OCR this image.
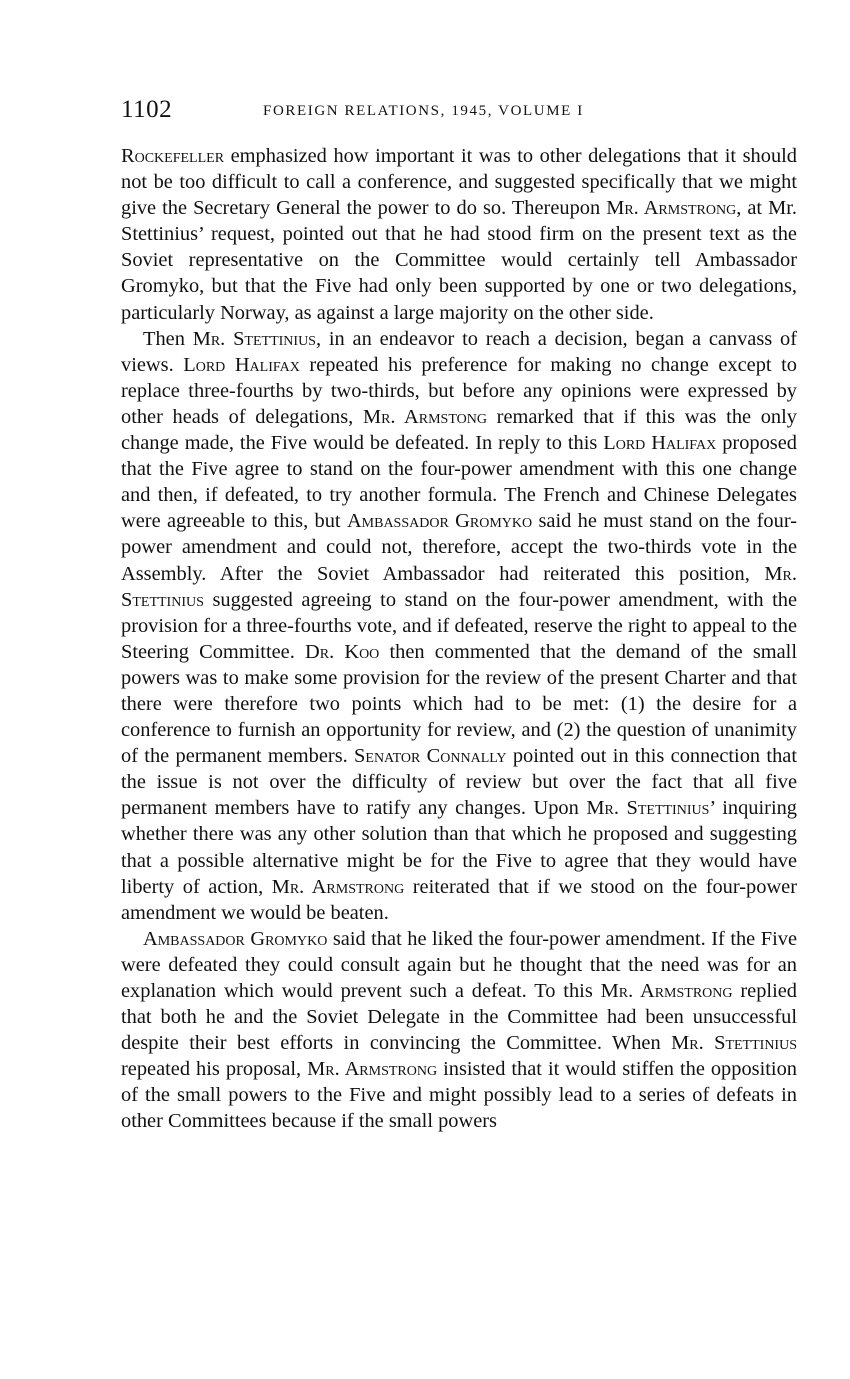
1102	FOREIGN RELATIONS, 1945, VOLUME I

Rockefeller emphasized how important it was to other delegations that it should not be too difficult to call a conference, and suggested specifically that we might give the Secretary General the power to do so. Thereupon Mr. Armstrong, at Mr. Stettinius’ request, pointed out that he had stood firm on the present text as the Soviet representative on the Committee would certainly tell Ambassador Gromyko, but that the Five had only been supported by one or two delegations, particularly Norway, as against a large majority on the other side.

Then Mr. Stettinius, in an endeavor to reach a decision, began a canvass of views. Lord Halifax repeated his preference for making no change except to replace three-fourths by two-thirds, but before any opinions were expressed by other heads of delegations, Mr. Armstong remarked that if this was the only change made, the Five would be defeated. In reply to this Lord Halifax proposed that the Five agree to stand on the four-power amendment with this one change and then, if defeated, to try another formula. The French and Chinese Delegates were agreeable to this, but Ambassador Gromyko said he must stand on the four-power amendment and could not, therefore, accept the two-thirds vote in the Assembly. After the Soviet Ambassador had reiterated this position, Mr. Stettinius suggested agreeing to stand on the four-power amendment, with the provision for a three-fourths vote, and if defeated, reserve the right to appeal to the Steering Committee. Dr. Koo then commented that the demand of the small powers was to make some provision for the review of the present Charter and that there were therefore two points which had to be met: (1) the desire for a conference to furnish an opportunity for review, and (2) the question of unanimity of the permanent members. Senator Connally pointed out in this connection that the issue is not over the difficulty of review but over the fact that all five permanent members have to ratify any changes. Upon Mr. Stettinius’ inquiring whether there was any other solution than that which he proposed and suggesting that a possible alternative might be for the Five to agree that they would have liberty of action, Mr. Armstrong reiterated that if we stood on the four-power amendment we would be beaten.

Ambassador Gromyko said that he liked the four-power amendment. If the Five were defeated they could consult again but he thought that the need was for an explanation which would prevent such a defeat. To this Mr. Armstrong replied that both he and the Soviet Delegate in the Committee had been unsuccessful despite their best efforts in convincing the Committee. When Mr. Stettinius repeated his proposal, Mr. Armstrong insisted that it would stiffen the opposition of the small powers to the Five and might possibly lead to a series of defeats in other Committees because if the small powers
